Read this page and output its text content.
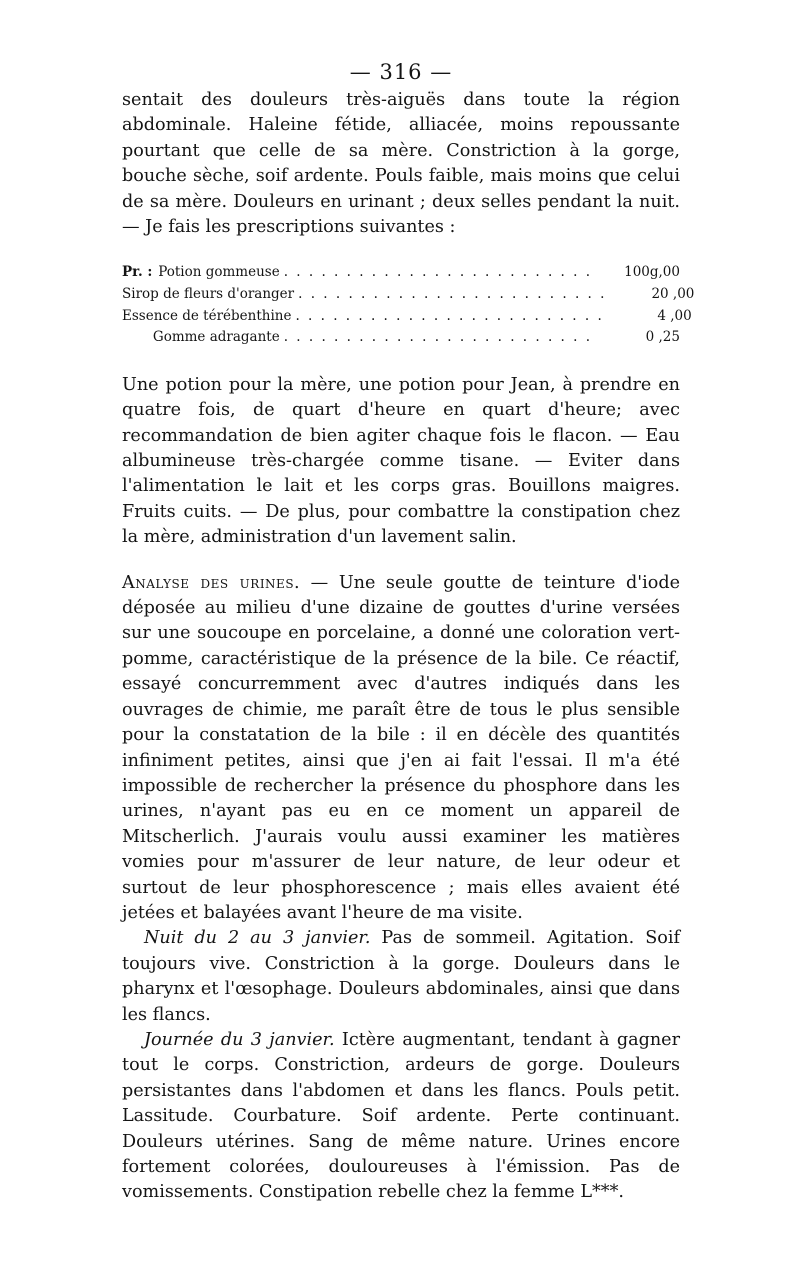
— 316 —

sentait des douleurs très-aiguës dans toute la région abdominale. Haleine fétide, alliacée, moins repoussante pourtant que celle de sa mère. Constriction à la gorge, bouche sèche, soif ardente. Pouls faible, mais moins que celui de sa mère. Douleurs en urinant ; deux selles pendant la nuit. — Je fais les prescriptions suivantes :

Pr. : Potion gommeuse . . . . . . . . . . . . . . . . . . . . . . . . .	100g,00
Sirop de fleurs d'oranger . . . . . . . . . . . . . . . . . . . . . . . . .	20 ,00
Essence de térébenthine . . . . . . . . . . . . . . . . . . . . . . . . .	4 ,00
Gomme adragante . . . . . . . . . . . . . . . . . . . . . . . . .	0 ,25

Une potion pour la mère, une potion pour Jean, à prendre en quatre fois, de quart d'heure en quart d'heure; avec recommandation de bien agiter chaque fois le flacon. — Eau albumineuse très-chargée comme tisane. — Eviter dans l'alimentation le lait et les corps gras. Bouillons maigres. Fruits cuits. — De plus, pour combattre la constipation chez la mère, administration d'un lavement salin.

Analyse des urines. — Une seule goutte de teinture d'iode déposée au milieu d'une dizaine de gouttes d'urine versées sur une soucoupe en porcelaine, a donné une coloration vert-pomme, caractéristique de la présence de la bile. Ce réactif, essayé concurremment avec d'autres indiqués dans les ouvrages de chimie, me paraît être de tous le plus sensible pour la constatation de la bile : il en décèle des quantités infiniment petites, ainsi que j'en ai fait l'essai. Il m'a été impossible de rechercher la présence du phosphore dans les urines, n'ayant pas eu en ce moment un appareil de Mitscherlich. J'aurais voulu aussi examiner les matières vomies pour m'assurer de leur nature, de leur odeur et surtout de leur phosphorescence ; mais elles avaient été jetées et balayées avant l'heure de ma visite.

Nuit du 2 au 3 janvier. Pas de sommeil. Agitation. Soif toujours vive. Constriction à la gorge. Douleurs dans le pharynx et l'œsophage. Douleurs abdominales, ainsi que dans les flancs.

Journée du 3 janvier. Ictère augmentant, tendant à gagner tout le corps. Constriction, ardeurs de gorge. Douleurs persistantes dans l'abdomen et dans les flancs. Pouls petit. Lassitude. Courbature. Soif ardente. Perte continuant. Douleurs utérines. Sang de même nature. Urines encore fortement colorées, douloureuses à l'émission. Pas de vomissements. Constipation rebelle chez la femme L***.
